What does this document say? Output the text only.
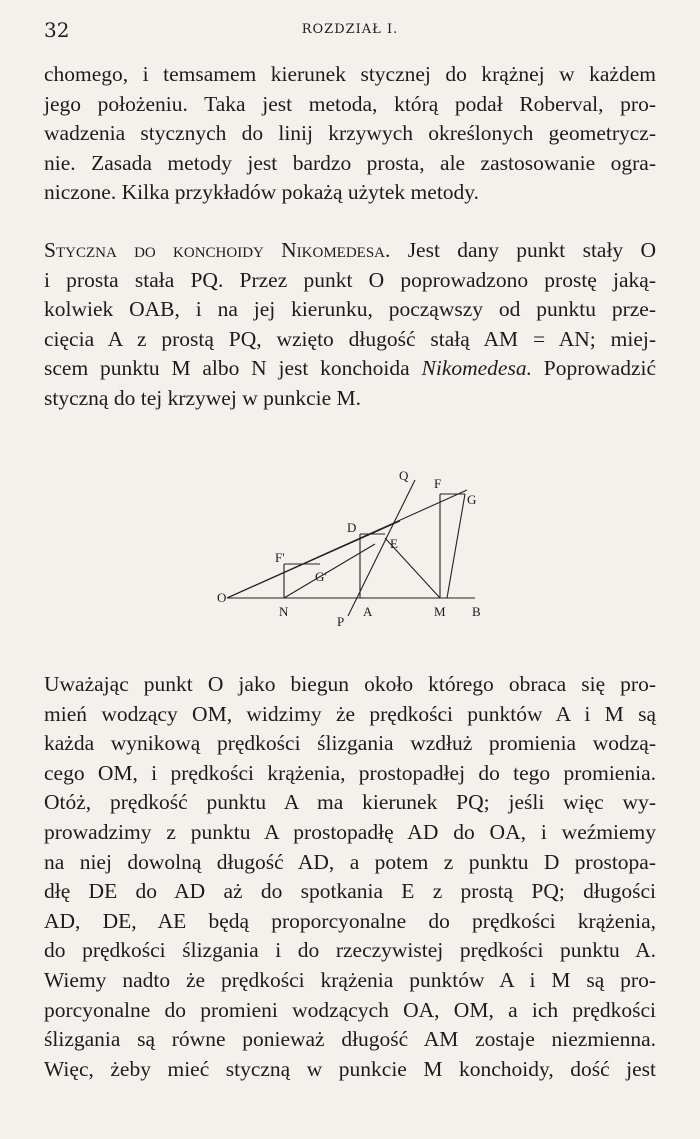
32	ROZDZIAŁ I.
chomego, i temsamem kierunek stycznej do krążnej w każdem
jego położeniu. Taka jest metoda, którą podał Roberval, pro-
wadzenia stycznych do linij krzywych określonych geometrycz-
nie. Zasada metody jest bardzo prosta, ale zastosowanie ogra-
niczone. Kilka przykładów pokażą użytek metody.
Styczna do konchoidy Nikomedesa. Jest dany punkt stały O
i prosta stała PQ. Przez punkt O poprowadzono prostę jaką-
kolwiek OAB, i na jej kierunku, począwszy od punktu prze-
cięcia A z prostą PQ, wzięto długość stałą AM = AN; miej-
scem punktu M albo N jest konchoida Nikomedesa. Poprowadzić
styczną do tej krzywej w punkcie M.
O
N
P
A	M B
Q
F
G
D
E
F'
G'
Uważając punkt O jako biegun około którego obraca się pro-
mień wodzący OM, widzimy że prędkości punktów A i M są
każda wynikową prędkości ślizgania wzdłuż promienia wodzą-
cego OM, i prędkości krążenia, prostopadłej do tego promienia.
Otóż, prędkość punktu A ma kierunek PQ; jeśli więc wy-
prowadzimy z punktu A prostopadłę AD do OA, i weźmiemy
na niej dowolną długość AD, a potem z punktu D prostopa-
dłę DE do AD aż do spotkania E z prostą PQ; długości
AD, DE, AE będą proporcyonalne do prędkości krążenia,
do prędkości ślizgania i do rzeczywistej prędkości punktu A.
Wiemy nadto że prędkości krążenia punktów A i M są pro-
porcyonalne do promieni wodzących OA, OM, a ich prędkości
ślizgania są równe ponieważ długość AM zostaje niezmienna.
Więc, żeby mieć styczną w punkcie M konchoidy, dość jest
